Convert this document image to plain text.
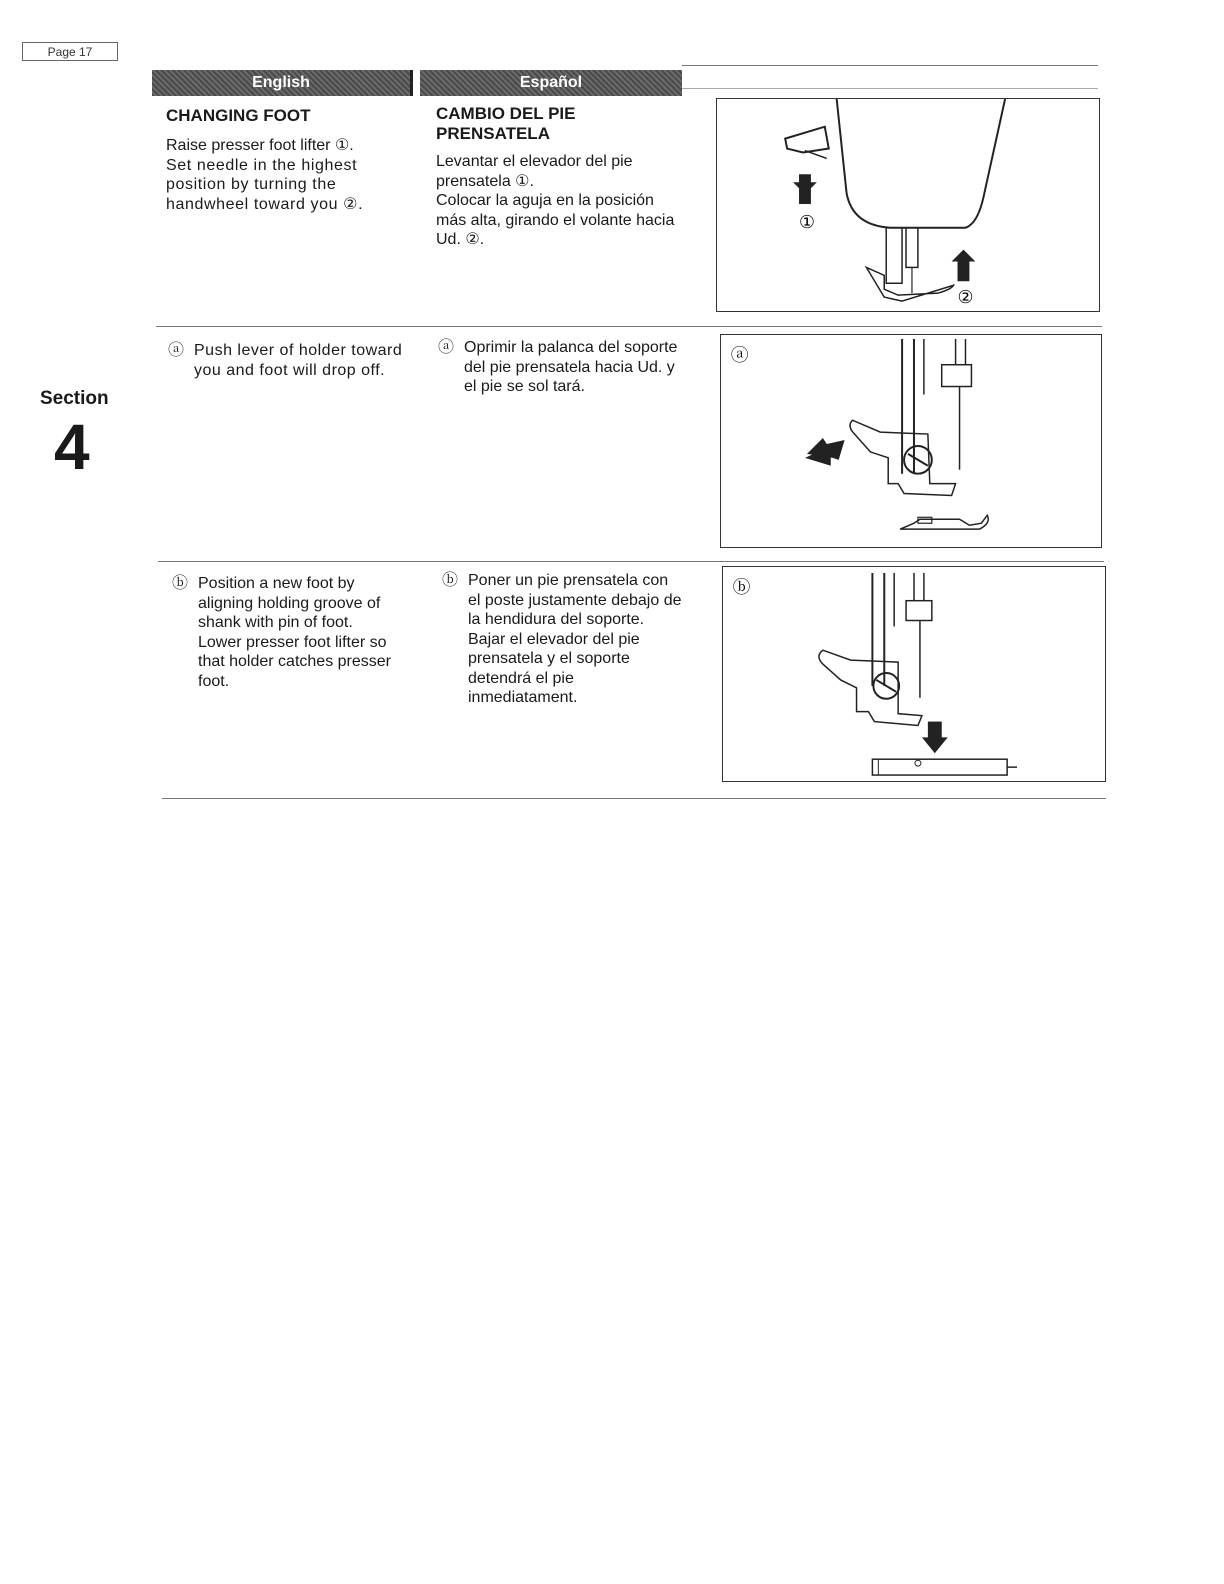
Page 17
English	Español
Section
4
CHANGING FOOT

Raise presser foot lifter ①.

Set needle in the highest position by turning the handwheel toward you ②.

CAMBIO DEL PIE PRENSATELA

Levantar el elevador del pie prensatela ①.

Colocar la aguja en la posición más alta, girando el volante hacia Ud. ②.

①
②
ⓐ Push lever of holder toward you and foot will drop off.
ⓐ Oprimir la palanca del soporte del pie prensatela hacia Ud. y el pie se sol tará.
ⓐ
ⓑ Position a new foot by aligning holding groove of shank with pin of foot.

Lower presser foot lifter so that holder catches presser foot.

ⓑ Poner un pie prensatela con el poste justamente debajo de la hendidura del soporte.

Bajar el elevador del pie prensatela y el soporte detendrá el pie inmediatament.

ⓑ
